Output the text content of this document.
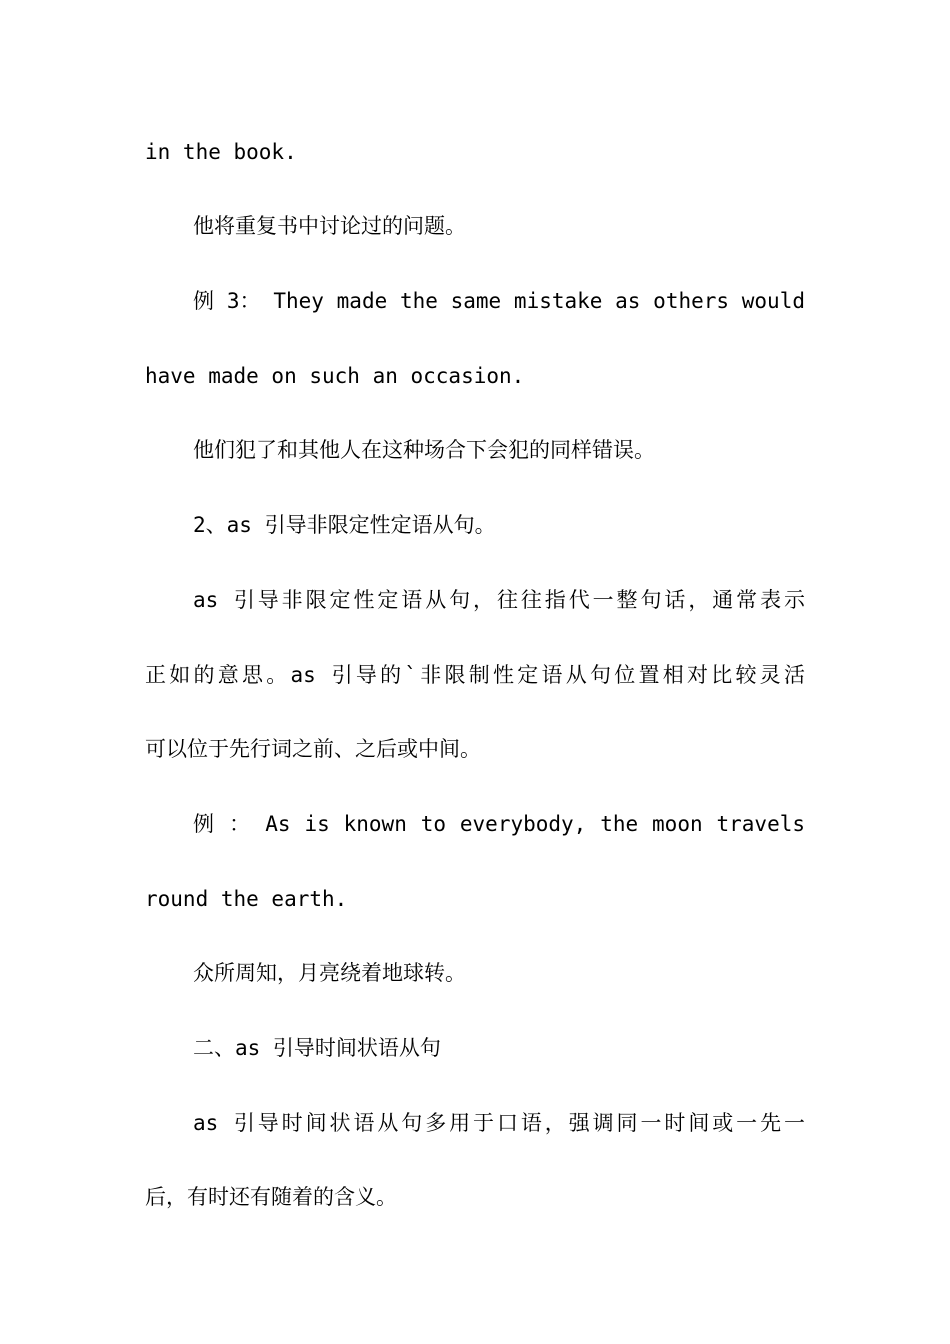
in the book.
他将重复书中讨论过的问题。
例 3： They made the same mistake as others would
have made on such an occasion.
他们犯了和其他人在这种场合下会犯的同样错误。
2、as 引导非限定性定语从句。
as 引导非限定性定语从句，往往指代一整句话，通常表示
正如的意思。as 引导的`非限制性定语从句位置相对比较灵活
可以位于先行词之前、之后或中间。
例 ： As is known to everybody, the moon travels
round the earth.
众所周知，月亮绕着地球转。
二、as 引导时间状语从句
as 引导时间状语从句多用于口语，强调同一时间或一先一
后，有时还有随着的含义。
